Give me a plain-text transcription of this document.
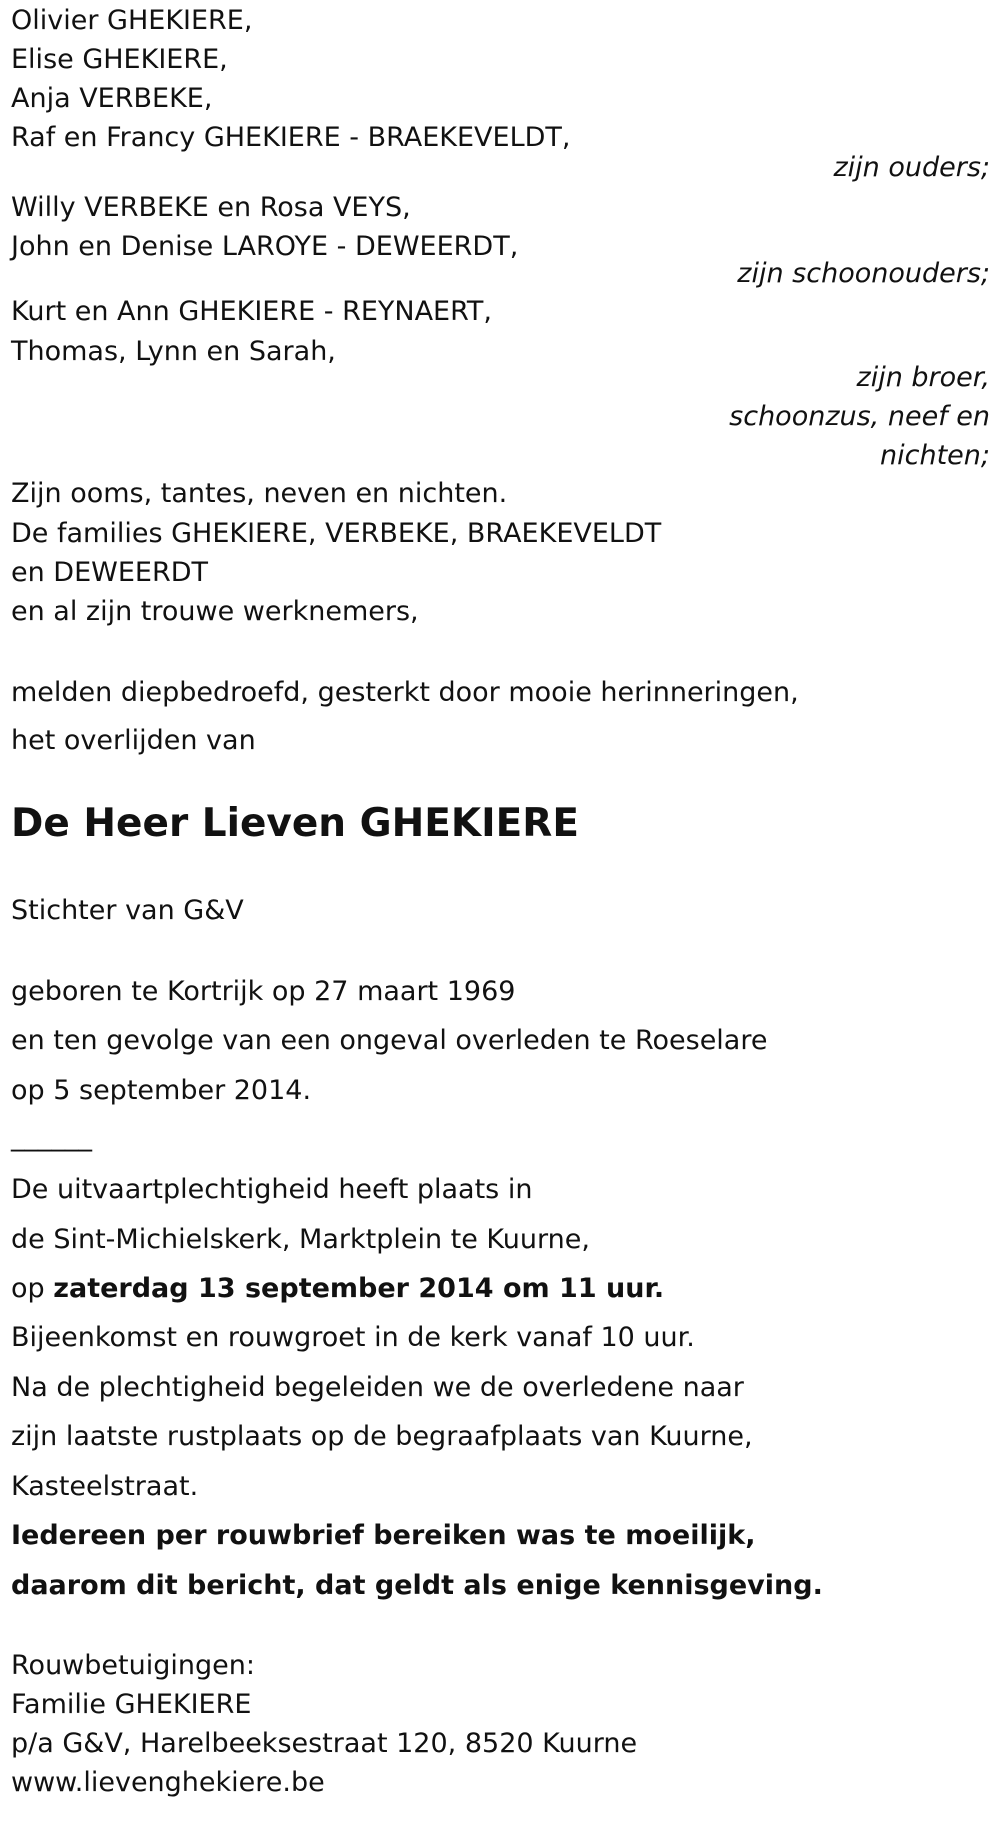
Olivier GHEKIERE,
Elise GHEKIERE,
Anja VERBEKE,
Raf en Francy GHEKIERE - BRAEKEVELDT,
zijn ouders;
Willy VERBEKE en Rosa VEYS,
John en Denise LAROYE - DEWEERDT,
zijn schoonouders;
Kurt en Ann GHEKIERE - REYNAERT,
Thomas, Lynn en Sarah,
zijn broer,
schoonzus, neef en
nichten;
Zijn ooms, tantes, neven en nichten.
De families GHEKIERE, VERBEKE, BRAEKEVELDT
en DEWEERDT
en al zijn trouwe werknemers,
melden diepbedroefd, gesterkt door mooie herinneringen,
het overlijden van
De Heer Lieven GHEKIERE
Stichter van G&V
geboren te Kortrijk op 27 maart 1969
en ten gevolge van een ongeval overleden te Roeselare
op 5 september 2014.
______
De uitvaartplechtigheid heeft plaats in
de Sint-Michielskerk, Marktplein te Kuurne,
op zaterdag 13 september 2014 om 11 uur.
Bijeenkomst en rouwgroet in de kerk vanaf 10 uur.
Na de plechtigheid begeleiden we de overledene naar
zijn laatste rustplaats op de begraafplaats van Kuurne,
Kasteelstraat.
Iedereen per rouwbrief bereiken was te moeilijk,
daarom dit bericht, dat geldt als enige kennisgeving.
Rouwbetuigingen:
Familie GHEKIERE
p/a G&V, Harelbeeksestraat 120, 8520 Kuurne
www.lievenghekiere.be
